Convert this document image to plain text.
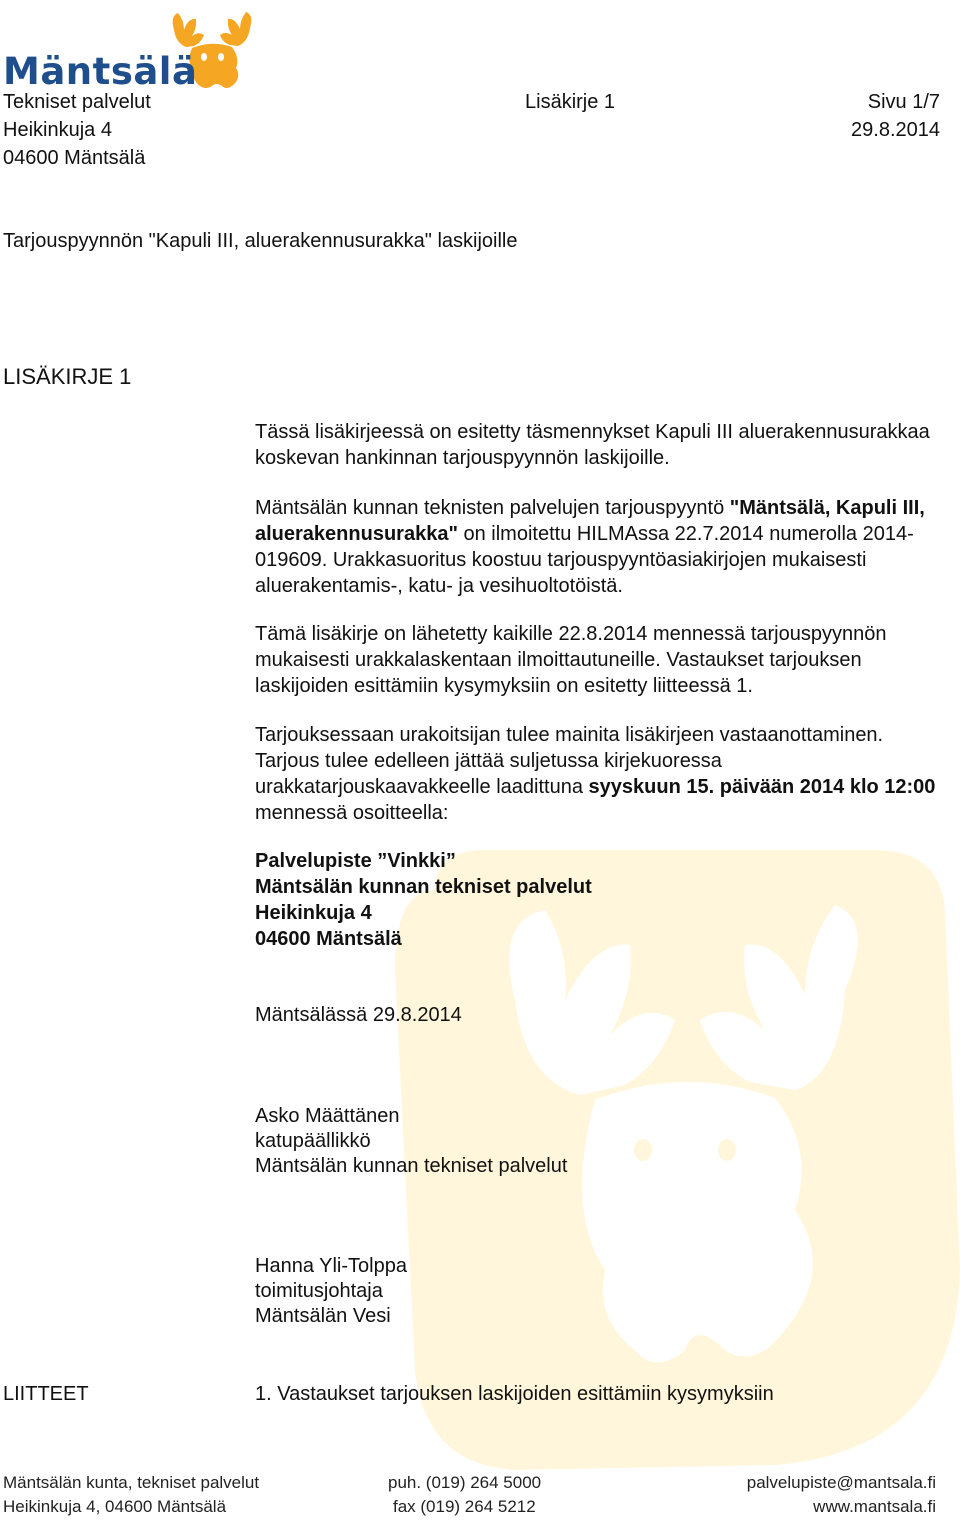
Mäntsälä
Tekniset palvelut
Heikinkuja 4
04600 Mäntsälä
Lisäkirje 1	Sivu 1/7
29.8.2014
Tarjouspyynnön "Kapuli III, aluerakennusurakka" laskijoille
LISÄKIRJE 1

Tässä lisäkirjeessä on esitetty täsmennykset Kapuli III aluerakennusurakkaa koskevan hankinnan tarjouspyynnön laskijoille.

Mäntsälän kunnan teknisten palvelujen tarjouspyyntö "Mäntsälä, Kapuli III, aluerakennusurakka" on ilmoitettu HILMAssa 22.7.2014 numerolla 2014-019609. Urakkasuoritus koostuu tarjouspyyntöasiakirjojen mukaisesti aluerakentamis-, katu- ja vesihuoltotöistä.

Tämä lisäkirje on lähetetty kaikille 22.8.2014 mennessä tarjouspyynnön mukaisesti urakkalaskentaan ilmoittautuneille. Vastaukset tarjouksen laskijoiden esittämiin kysymyksiin on esitetty liitteessä 1.

Tarjouksessaan urakoitsijan tulee mainita lisäkirjeen vastaanottaminen. Tarjous tulee edelleen jättää suljetussa kirjekuoressa urakkatarjouskaavakkeelle laadittuna syyskuun 15. päivään 2014 klo 12:00 mennessä osoitteella:

Palvelupiste ”Vinkki”
Mäntsälän kunnan tekniset palvelut
Heikinkuja 4
04600 Mäntsälä
Mäntsälässä 29.8.2014
Asko Määttänen
katupäällikkö
Mäntsälän kunnan tekniset palvelut
Hanna Yli-Tolppa
toimitusjohtaja
Mäntsälän Vesi
LIITTEET	1. Vastaukset tarjouksen laskijoiden esittämiin kysymyksiin
Mäntsälän kunta, tekniset palvelut
Heikinkuja 4, 04600 Mäntsälä
puh. (019) 264 5000
fax (019) 264 5212
palvelupiste@mantsala.fi
www.mantsala.fi
